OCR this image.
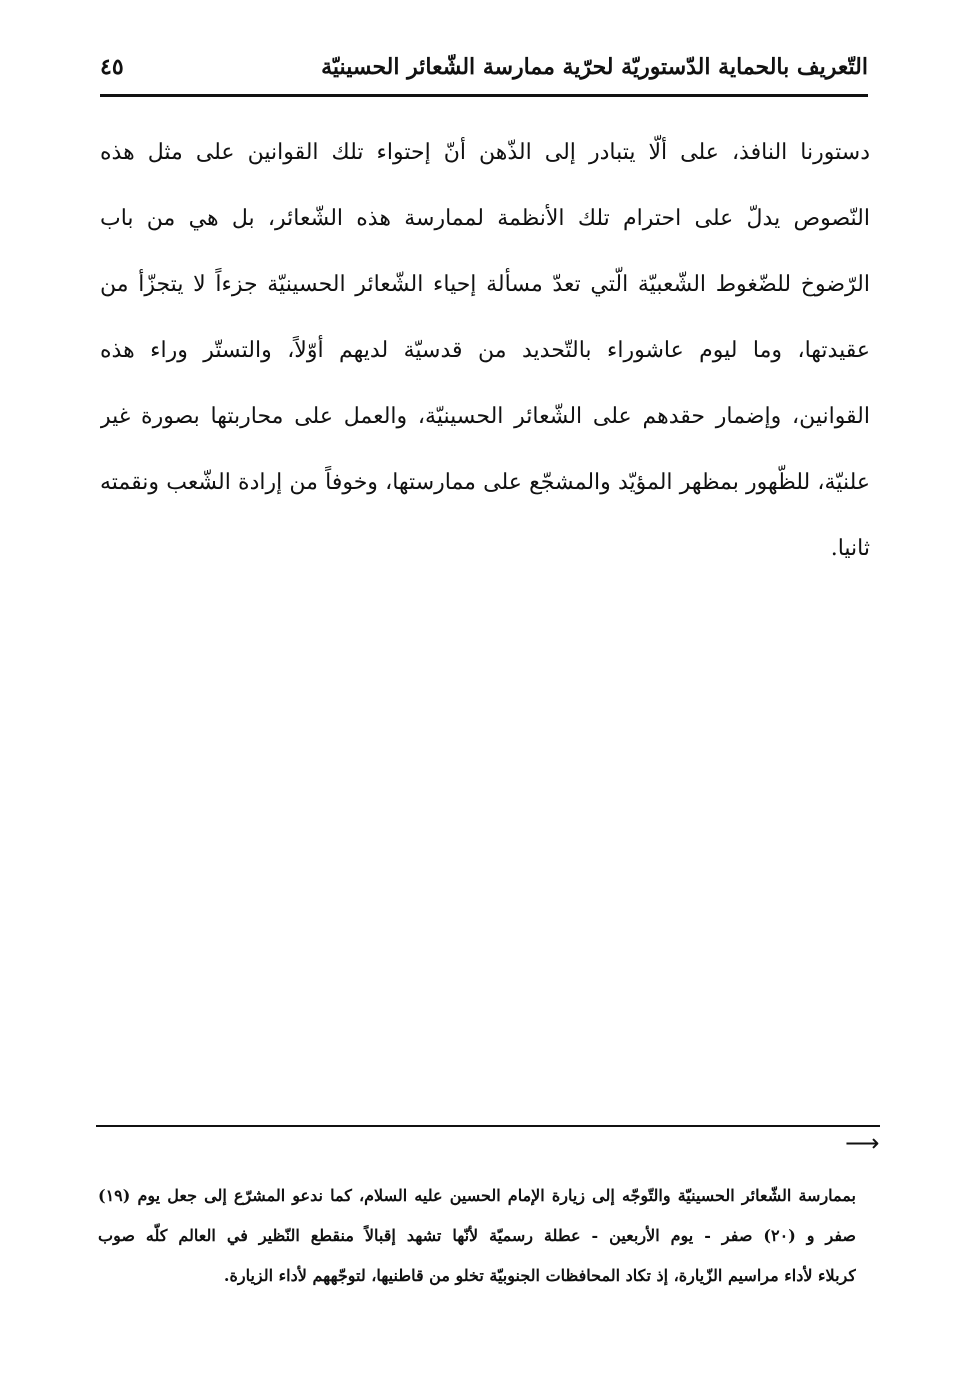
التّعريف بالحماية الدّستوريّة لحرّية ممارسة الشّعائر الحسينيّة
٤٥
دستورنا النافذ، على ألّا يتبادر إلى الذّهن أنّ إحتواء تلك القوانين على مثل هذه
النّصوص يدلّ على احترام تلك الأنظمة لممارسة هذه الشّعائر، بل هي من باب
الرّضوخ للضّغوط الشّعبيّة الّتي تعدّ مسألة إحياء الشّعائر الحسينيّة جزءاً لا يتجزّأ من
عقيدتها، وما ليوم عاشوراء بالتّحديد من قدسيّة لديهم أوّلاً، والتستّر وراء هذه
القوانين، وإضمار حقدهم على الشّعائر الحسينيّة، والعمل على محاربتها بصورة غير
علنيّة، للظّهور بمظهر المؤيّد والمشجّع على ممارستها، وخوفاً من إرادة الشّعب ونقمته
ثانيا.
⟶
بممارسة الشّعائر الحسينيّة والتّوجّه إلى زيارة الإمام الحسين عليه السلام، كما ندعو المشرّع إلى جعل يوم (١٩)
صفر و (٢٠) صفر - يوم الأربعين - عطلة رسميّة لأنّها تشهد إقبالاً منقطع النّظير في العالم كلّه صوب
كربلاء لأداء مراسيم الزّيارة، إذ تكاد المحافظات الجنوبيّة تخلو من قاطنيها، لتوجّههم لأداء الزيارة.
